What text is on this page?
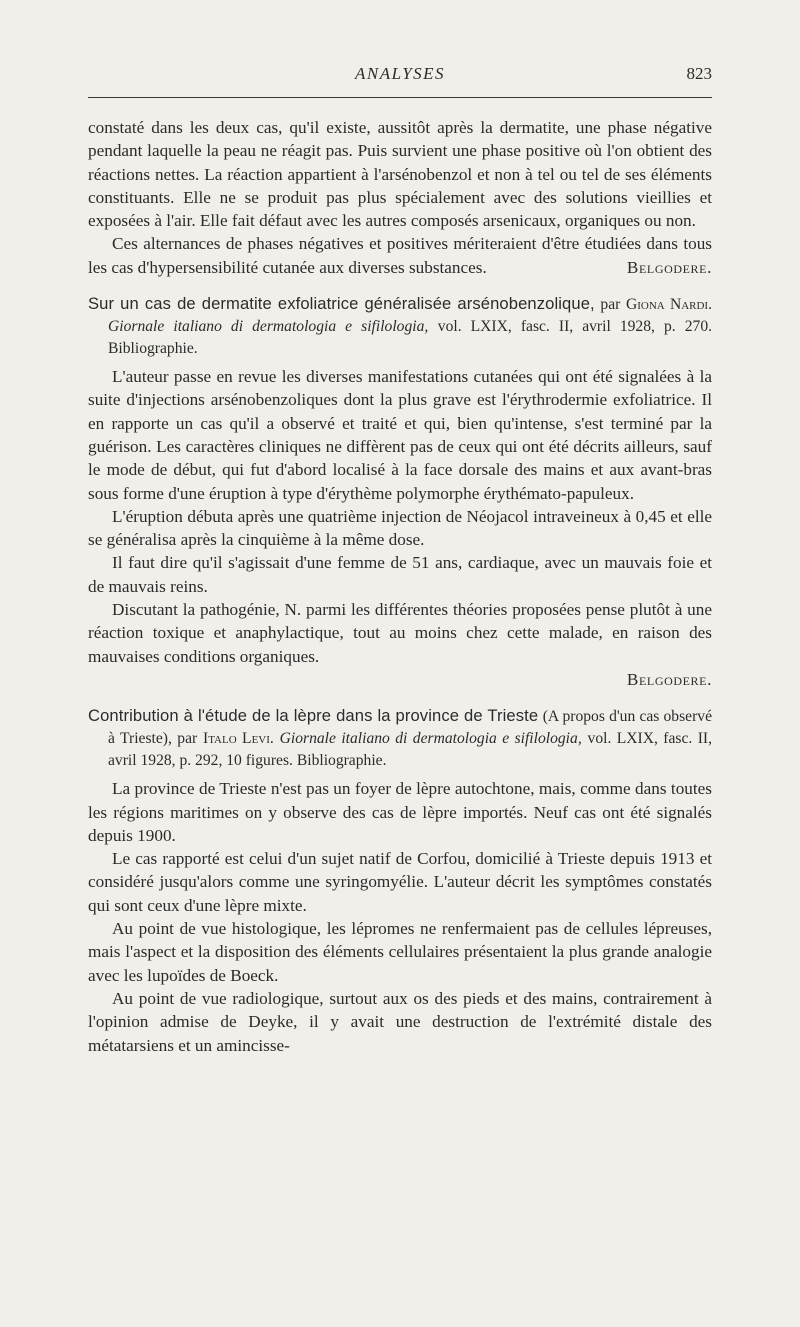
ANALYSES	823

constaté dans les deux cas, qu'il existe, aussitôt après la dermatite, une phase négative pendant laquelle la peau ne réagit pas. Puis survient une phase positive où l'on obtient des réactions nettes. La réaction appartient à l'arsénobenzol et non à tel ou tel de ses éléments constituants. Elle ne se produit pas plus spécialement avec des solutions vieillies et exposées à l'air. Elle fait défaut avec les autres composés arsenicaux, organiques ou non.

Ces alternances de phases négatives et positives mériteraient d'être étudiées dans tous les cas d'hypersensibilité cutanée aux diverses substances.	Belgodere.

Sur un cas de dermatite exfoliatrice généralisée arsénobenzolique, par Giona Nardi. Giornale italiano di dermatologia e sifilologia, vol. LXIX, fasc. II, avril 1928, p. 270. Bibliographie.

L'auteur passe en revue les diverses manifestations cutanées qui ont été signalées à la suite d'injections arsénobenzoliques dont la plus grave est l'érythrodermie exfoliatrice. Il en rapporte un cas qu'il a observé et traité et qui, bien qu'intense, s'est terminé par la guérison. Les caractères cliniques ne diffèrent pas de ceux qui ont été décrits ailleurs, sauf le mode de début, qui fut d'abord localisé à la face dorsale des mains et aux avant-bras sous forme d'une éruption à type d'érythème polymorphe érythémato-papuleux.

L'éruption débuta après une quatrième injection de Néojacol intraveineux à 0,45 et elle se généralisa après la cinquième à la même dose.

Il faut dire qu'il s'agissait d'une femme de 51 ans, cardiaque, avec un mauvais foie et de mauvais reins.

Discutant la pathogénie, N. parmi les différentes théories proposées pense plutôt à une réaction toxique et anaphylactique, tout au moins chez cette malade, en raison des mauvaises conditions organiques.

Belgodere.

Contribution à l'étude de la lèpre dans la province de Trieste (A propos d'un cas observé à Trieste), par Italo Levi. Giornale italiano di dermatologia e sifilologia, vol. LXIX, fasc. II, avril 1928, p. 292, 10 figures. Bibliographie.

La province de Trieste n'est pas un foyer de lèpre autochtone, mais, comme dans toutes les régions maritimes on y observe des cas de lèpre importés. Neuf cas ont été signalés depuis 1900.

Le cas rapporté est celui d'un sujet natif de Corfou, domicilié à Trieste depuis 1913 et considéré jusqu'alors comme une syringomyélie. L'auteur décrit les symptômes constatés qui sont ceux d'une lèpre mixte.

Au point de vue histologique, les lépromes ne renfermaient pas de cellules lépreuses, mais l'aspect et la disposition des éléments cellulaires présentaient la plus grande analogie avec les lupoïdes de Boeck.

Au point de vue radiologique, surtout aux os des pieds et des mains, contrairement à l'opinion admise de Deyke, il y avait une destruction de l'extrémité distale des métatarsiens et un amincisse-
